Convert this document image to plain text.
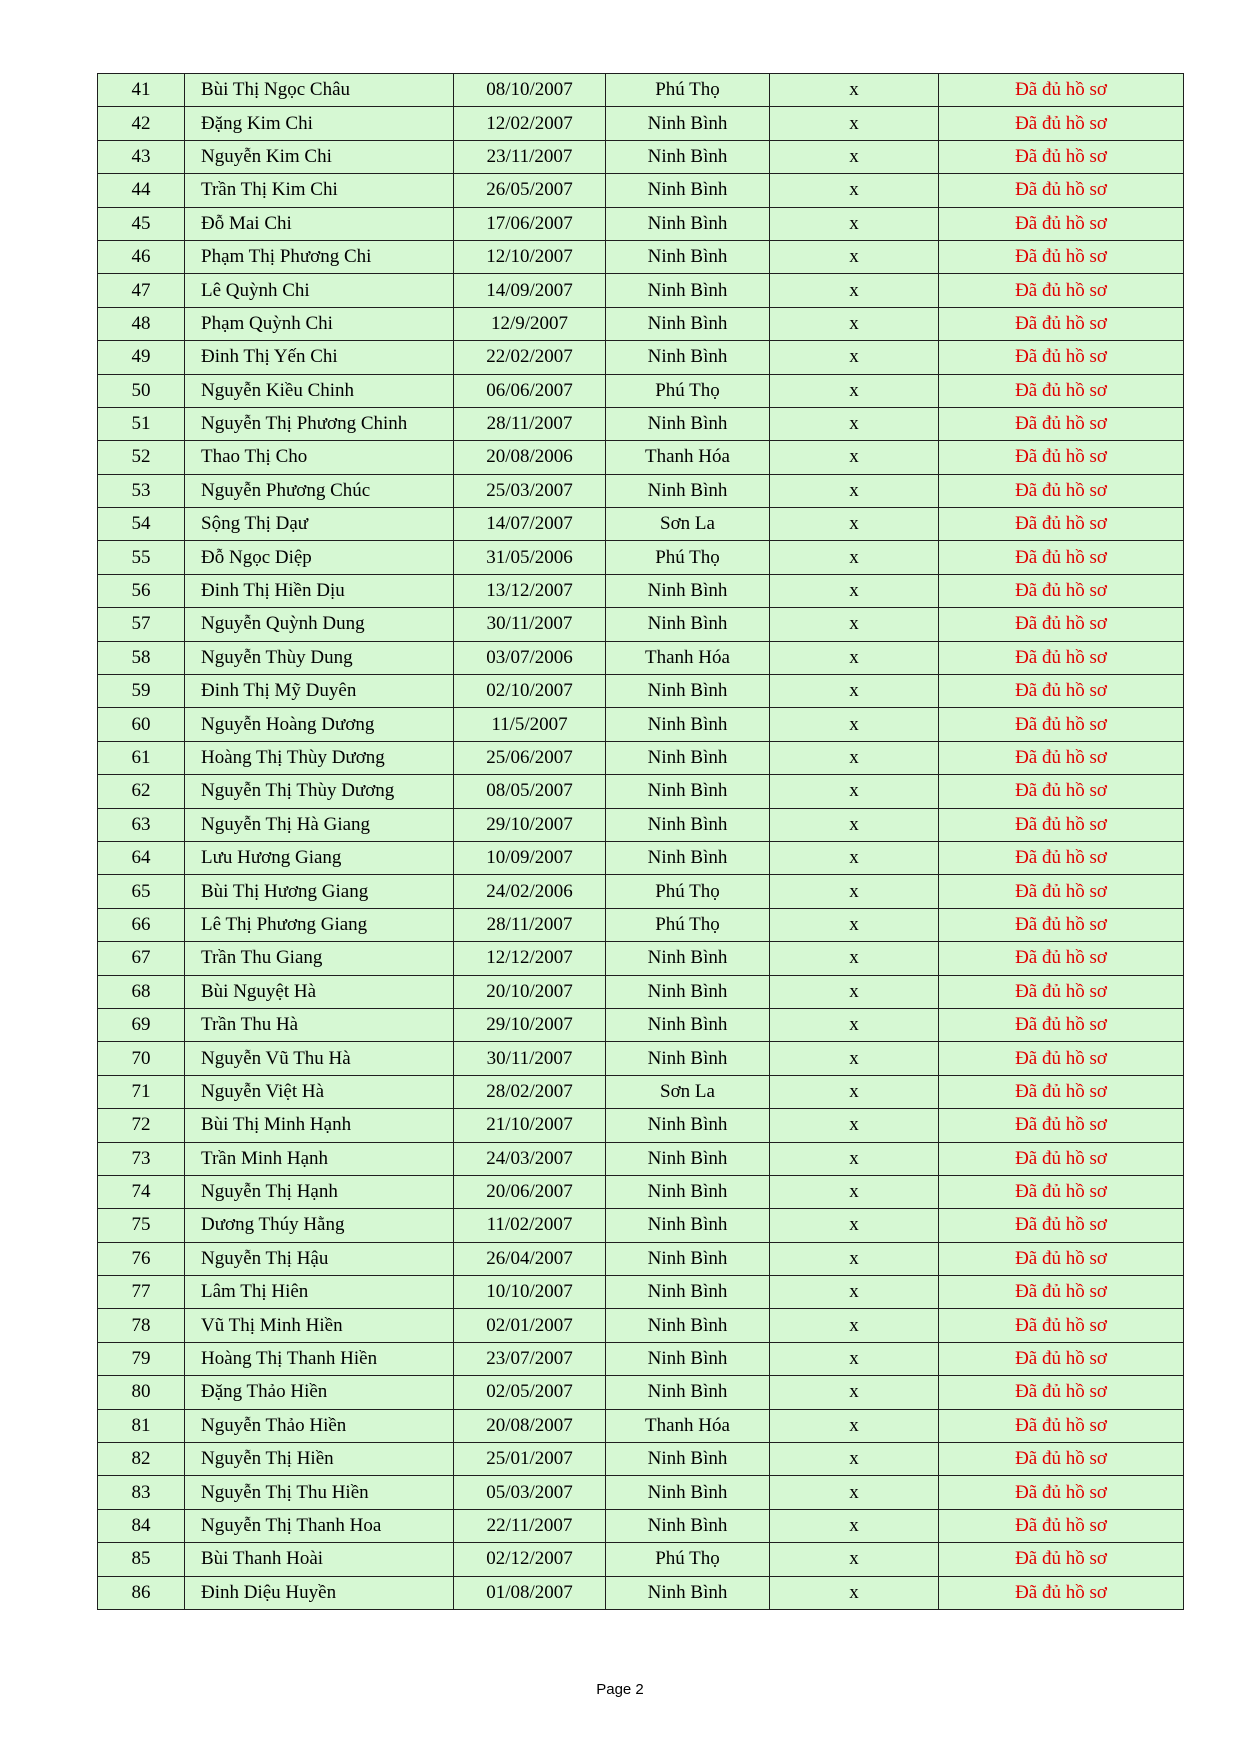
41	Bùi Thị Ngọc Châu	08/10/2007	Phú Thọ	x	Đã đủ hồ sơ
42	Đặng Kim Chi	12/02/2007	Ninh Bình	x	Đã đủ hồ sơ
43	Nguyễn Kim Chi	23/11/2007	Ninh Bình	x	Đã đủ hồ sơ
44	Trần Thị Kim Chi	26/05/2007	Ninh Bình	x	Đã đủ hồ sơ
45	Đỗ Mai Chi	17/06/2007	Ninh Bình	x	Đã đủ hồ sơ
46	Phạm Thị Phương Chi	12/10/2007	Ninh Bình	x	Đã đủ hồ sơ
47	Lê Quỳnh Chi	14/09/2007	Ninh Bình	x	Đã đủ hồ sơ
48	Phạm Quỳnh Chi	12/9/2007	Ninh Bình	x	Đã đủ hồ sơ
49	Đinh Thị Yến Chi	22/02/2007	Ninh Bình	x	Đã đủ hồ sơ
50	Nguyễn Kiều Chinh	06/06/2007	Phú Thọ	x	Đã đủ hồ sơ
51	Nguyễn Thị Phương Chinh	28/11/2007	Ninh Bình	x	Đã đủ hồ sơ
52	Thao Thị Cho	20/08/2006	Thanh Hóa	x	Đã đủ hồ sơ
53	Nguyễn Phương Chúc	25/03/2007	Ninh Bình	x	Đã đủ hồ sơ
54	Sộng Thị Dạư	14/07/2007	Sơn La	x	Đã đủ hồ sơ
55	Đỗ Ngọc Diệp	31/05/2006	Phú Thọ	x	Đã đủ hồ sơ
56	Đinh Thị Hiền Dịu	13/12/2007	Ninh Bình	x	Đã đủ hồ sơ
57	Nguyễn Quỳnh Dung	30/11/2007	Ninh Bình	x	Đã đủ hồ sơ
58	Nguyễn Thùy Dung	03/07/2006	Thanh Hóa	x	Đã đủ hồ sơ
59	Đinh Thị Mỹ Duyên	02/10/2007	Ninh Bình	x	Đã đủ hồ sơ
60	Nguyễn Hoàng Dương	11/5/2007	Ninh Bình	x	Đã đủ hồ sơ
61	Hoàng Thị Thùy Dương	25/06/2007	Ninh Bình	x	Đã đủ hồ sơ
62	Nguyễn Thị Thùy Dương	08/05/2007	Ninh Bình	x	Đã đủ hồ sơ
63	Nguyễn Thị Hà Giang	29/10/2007	Ninh Bình	x	Đã đủ hồ sơ
64	Lưu Hương Giang	10/09/2007	Ninh Bình	x	Đã đủ hồ sơ
65	Bùi Thị Hương Giang	24/02/2006	Phú Thọ	x	Đã đủ hồ sơ
66	Lê Thị Phương Giang	28/11/2007	Phú Thọ	x	Đã đủ hồ sơ
67	Trần Thu Giang	12/12/2007	Ninh Bình	x	Đã đủ hồ sơ
68	Bùi Nguyệt Hà	20/10/2007	Ninh Bình	x	Đã đủ hồ sơ
69	Trần Thu Hà	29/10/2007	Ninh Bình	x	Đã đủ hồ sơ
70	Nguyễn Vũ Thu Hà	30/11/2007	Ninh Bình	x	Đã đủ hồ sơ
71	Nguyễn Việt Hà	28/02/2007	Sơn La	x	Đã đủ hồ sơ
72	Bùi Thị Minh Hạnh	21/10/2007	Ninh Bình	x	Đã đủ hồ sơ
73	Trần Minh Hạnh	24/03/2007	Ninh Bình	x	Đã đủ hồ sơ
74	Nguyễn Thị Hạnh	20/06/2007	Ninh Bình	x	Đã đủ hồ sơ
75	Dương Thúy Hằng	11/02/2007	Ninh Bình	x	Đã đủ hồ sơ
76	Nguyễn Thị Hậu	26/04/2007	Ninh Bình	x	Đã đủ hồ sơ
77	Lâm Thị Hiên	10/10/2007	Ninh Bình	x	Đã đủ hồ sơ
78	Vũ Thị Minh Hiền	02/01/2007	Ninh Bình	x	Đã đủ hồ sơ
79	Hoàng Thị Thanh Hiền	23/07/2007	Ninh Bình	x	Đã đủ hồ sơ
80	Đặng Thảo Hiền	02/05/2007	Ninh Bình	x	Đã đủ hồ sơ
81	Nguyễn Thảo Hiền	20/08/2007	Thanh Hóa	x	Đã đủ hồ sơ
82	Nguyễn Thị Hiền	25/01/2007	Ninh Bình	x	Đã đủ hồ sơ
83	Nguyễn Thị Thu Hiền	05/03/2007	Ninh Bình	x	Đã đủ hồ sơ
84	Nguyễn Thị Thanh Hoa	22/11/2007	Ninh Bình	x	Đã đủ hồ sơ
85	Bùi Thanh Hoài	02/12/2007	Phú Thọ	x	Đã đủ hồ sơ
86	Đinh Diệu Huyền	01/08/2007	Ninh Bình	x	Đã đủ hồ sơ
Page 2
